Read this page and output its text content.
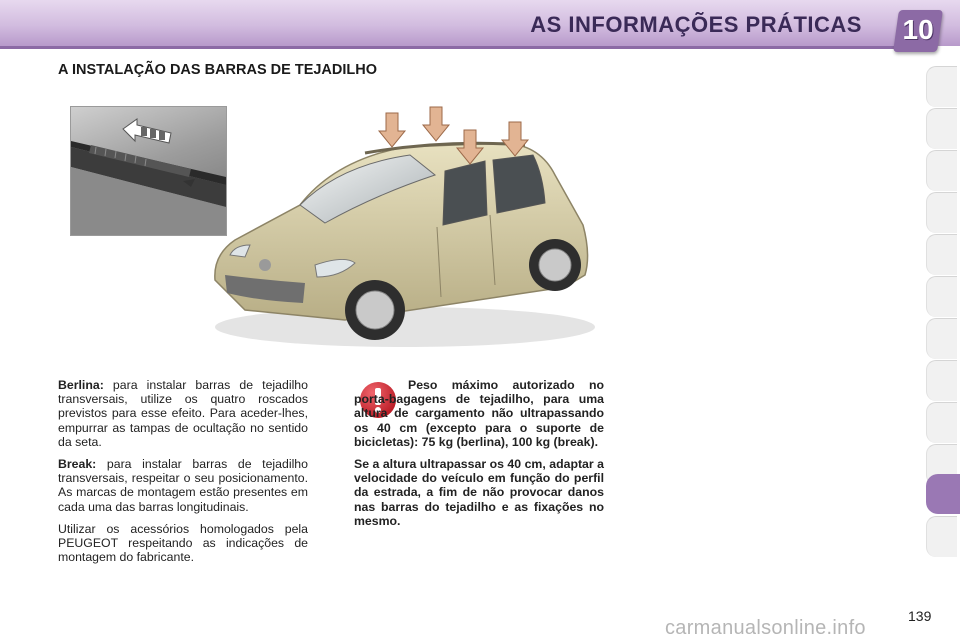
AS INFORMAÇÕES PRÁTICAS 10
A INSTALAÇÃO DAS BARRAS DE TEJADILHO

Berlina: para instalar barras de tejadilho transversais, utilize os quatro roscados previstos para esse efeito. Para aceder-lhes, empurrar as tampas de ocultação no sentido da seta.

Break: para instalar barras de tejadilho transversais, respeitar o seu posicionamento. As marcas de montagem estão presentes em cada uma das barras longitudinais.

Utilizar os acessórios homologados pela PEUGEOT respeitando as indicações de montagem do fabricante.

Peso máximo autorizado no porta-bagagens de tejadilho, para uma altura de cargamento não ultrapassando os 40 cm (excepto para o suporte de bicicletas): 75 kg (berlina), 100 kg (break).

Se a altura ultrapassar os 40 cm, adaptar a velocidade do veículo em função do perfil da estrada, a fim de não provocar danos nas barras do tejadilho e as fixações no mesmo.

139
carmanualsonline.info
